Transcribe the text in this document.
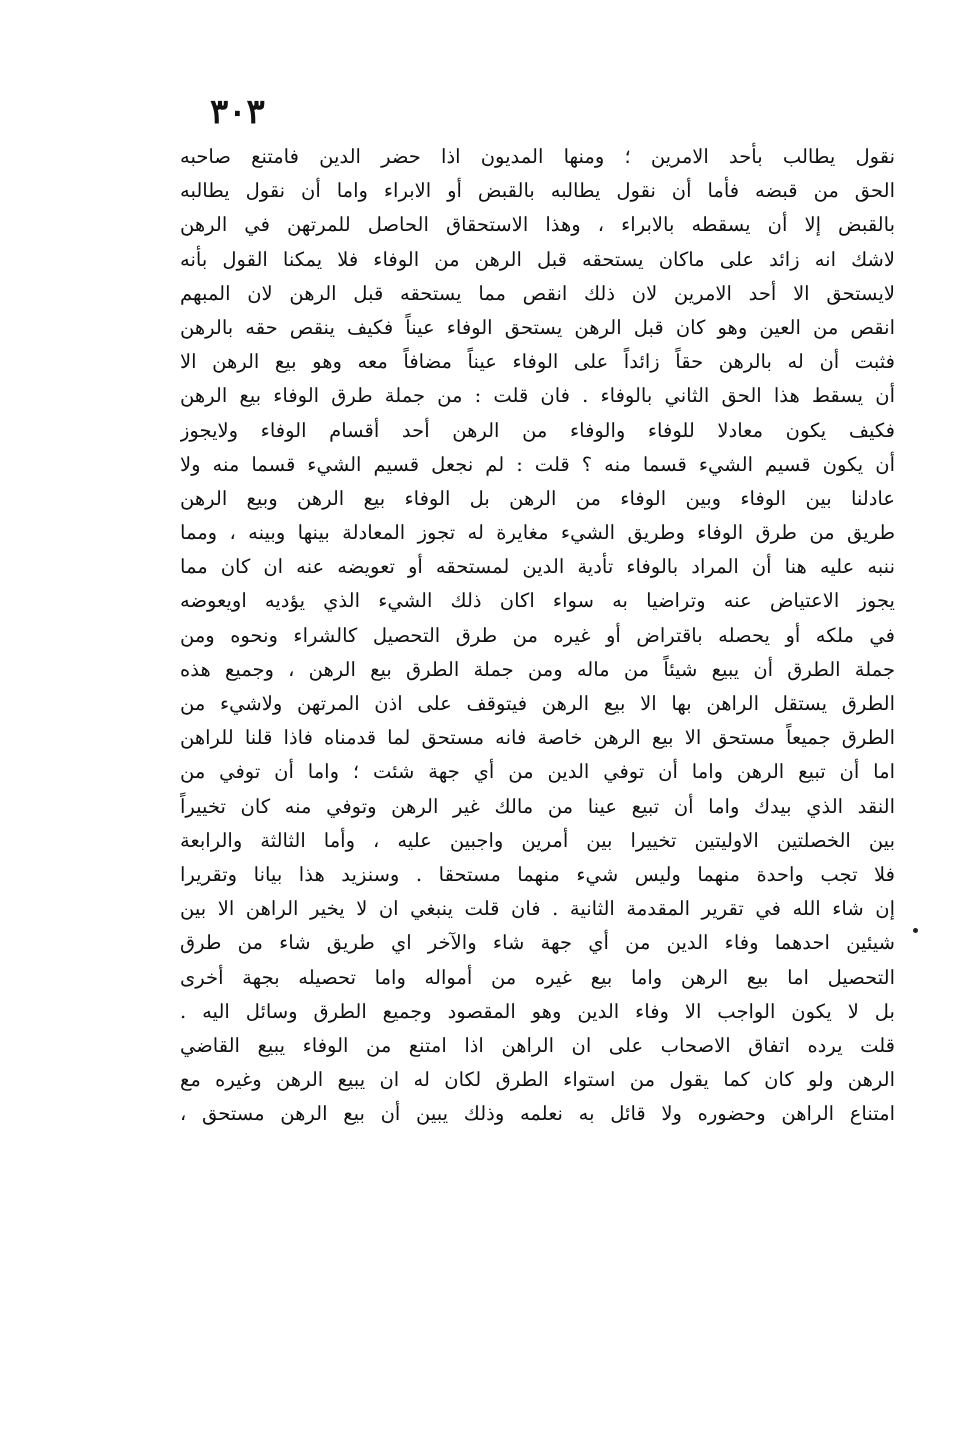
٣٠٣
نقول يطالب بأحد الامرين ؛ ومنها المديون اذا حضر الدين فامتنع صاحبه
الحق من قبضه فأما أن نقول يطالبه بالقبض أو الابراء واما أن نقول يطالبه
بالقبض إلا أن يسقطه بالابراء ، وهذا الاستحقاق الحاصل للمرتهن في الرهن
لاشك انه زائد على ماكان يستحقه قبل الرهن من الوفاء فلا يمكنا القول بأنه
لايستحق الا أحد الامرين لان ذلك انقص مما يستحقه قبل الرهن لان المبهم
انقص من العين وهو كان قبل الرهن يستحق الوفاء عيناً فكيف ينقص حقه بالرهن
فثبت أن له بالرهن حقاً زائداً على الوفاء عيناً مضافاً معه وهو بيع الرهن الا
أن يسقط هذا الحق الثاني بالوفاء . فان قلت : من جملة طرق الوفاء بيع الرهن
فكيف يكون معادلا للوفاء والوفاء من الرهن أحد أقسام الوفاء ولايجوز
أن يكون قسيم الشيء قسما منه ؟ قلت : لم نجعل قسيم الشيء قسما منه ولا
عادلنا بين الوفاء وبين الوفاء من الرهن بل الوفاء بيع الرهن وبيع الرهن
طريق من طرق الوفاء وطريق الشيء مغايرة له تجوز المعادلة بينها وبينه ، ومما
ننبه عليه هنا أن المراد بالوفاء تأدية الدين لمستحقه أو تعويضه عنه ان كان مما
يجوز الاعتياض عنه وتراضيا به سواء اكان ذلك الشيء الذي يؤديه اويعوضه
في ملكه أو يحصله باقتراض أو غيره من طرق التحصيل كالشراء ونحوه ومن
جملة الطرق أن يبيع شيئاً من ماله ومن جملة الطرق بيع الرهن ، وجميع هذه
الطرق يستقل الراهن بها الا بيع الرهن فيتوقف على اذن المرتهن ولاشيء من
الطرق جميعاً مستحق الا بيع الرهن خاصة فانه مستحق لما قدمناه فاذا قلنا للراهن
اما أن تبيع الرهن واما أن توفي الدين من أي جهة شئت ؛ واما أن توفي من
النقد الذي بيدك واما أن تبيع عينا من مالك غير الرهن وتوفي منه كان تخييراً
بين الخصلتين الاوليتين تخييرا بين أمرين واجبين عليه ، وأما الثالثة والرابعة
فلا تجب واحدة منهما وليس شيء منهما مستحقا . وسنزيد هذا بيانا وتقريرا
إن شاء الله في تقرير المقدمة الثانية . فان قلت ينبغي ان لا يخير الراهن الا بين
شيئين احدهما وفاء الدين من أي جهة شاء والآخر اي طريق شاء من طرق
التحصيل اما بيع الرهن واما بيع غيره من أمواله واما تحصيله بجهة أخرى
بل لا يكون الواجب الا وفاء الدين وهو المقصود وجميع الطرق وسائل اليه .
قلت يرده اتفاق الاصحاب على ان الراهن اذا امتنع من الوفاء يبيع القاضي
الرهن ولو كان كما يقول من استواء الطرق لكان له ان يبيع الرهن وغيره مع
امتناع الراهن وحضوره ولا قائل به نعلمه وذلك يبين أن بيع الرهن مستحق ،
